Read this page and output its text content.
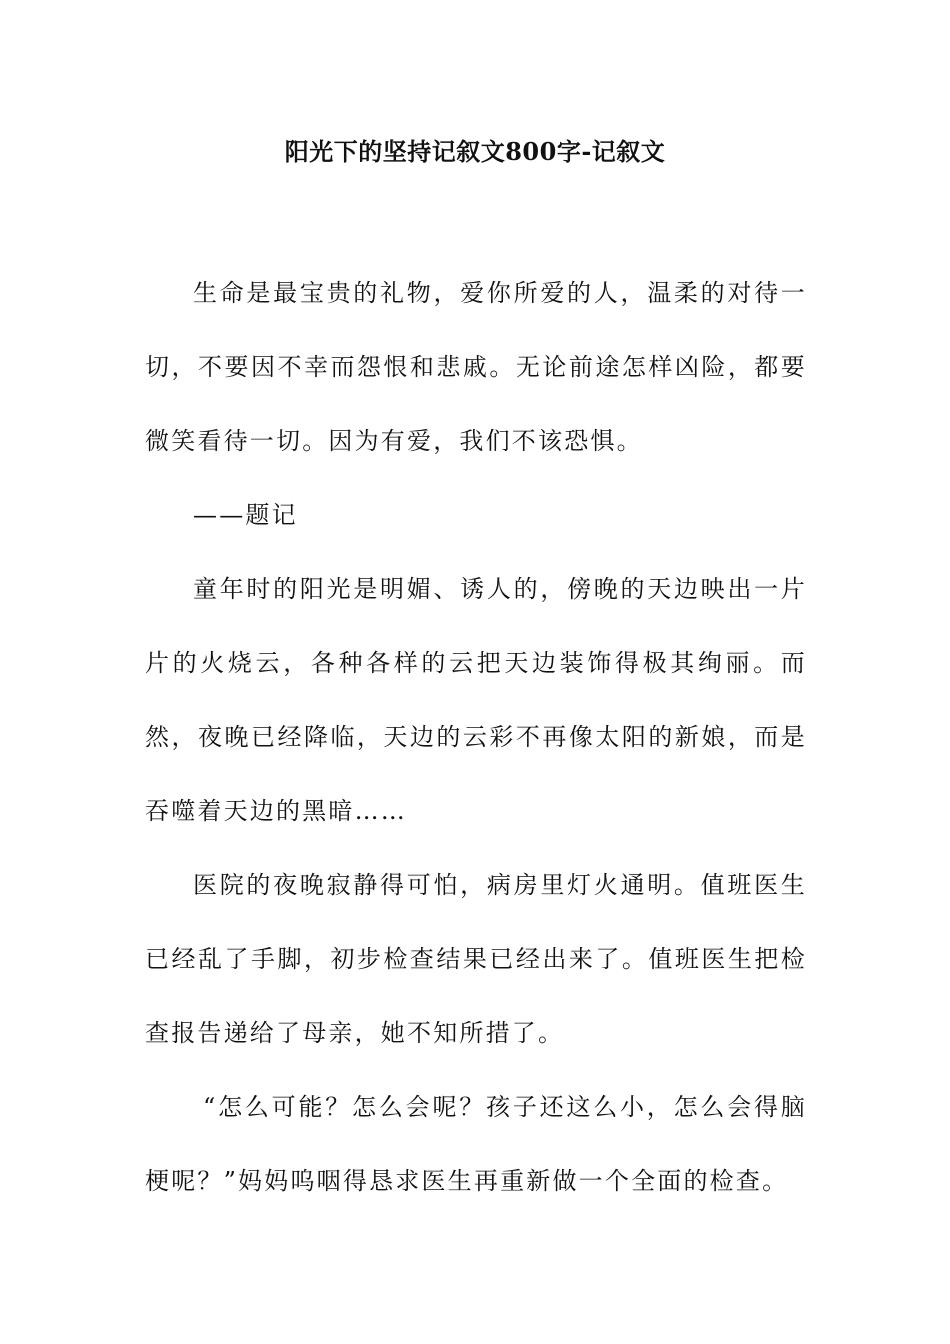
阳光下的坚持记叙文800字-记叙文

生命是最宝贵的礼物，爱你所爱的人，温柔的对待一切，不要因不幸而怨恨和悲戚。无论前途怎样凶险，都要微笑看待一切。因为有爱，我们不该恐惧。

——题记

童年时的阳光是明媚、诱人的，傍晚的天边映出一片片的火烧云，各种各样的云把天边装饰得极其绚丽。而然，夜晚已经降临，天边的云彩不再像太阳的新娘，而是吞噬着天边的黑暗……

医院的夜晚寂静得可怕，病房里灯火通明。值班医生已经乱了手脚，初步检查结果已经出来了。值班医生把检查报告递给了母亲，她不知所措了。

“怎么可能？怎么会呢？孩子还这么小，怎么会得脑梗呢？”妈妈呜咽得恳求医生再重新做一个全面的检查。
